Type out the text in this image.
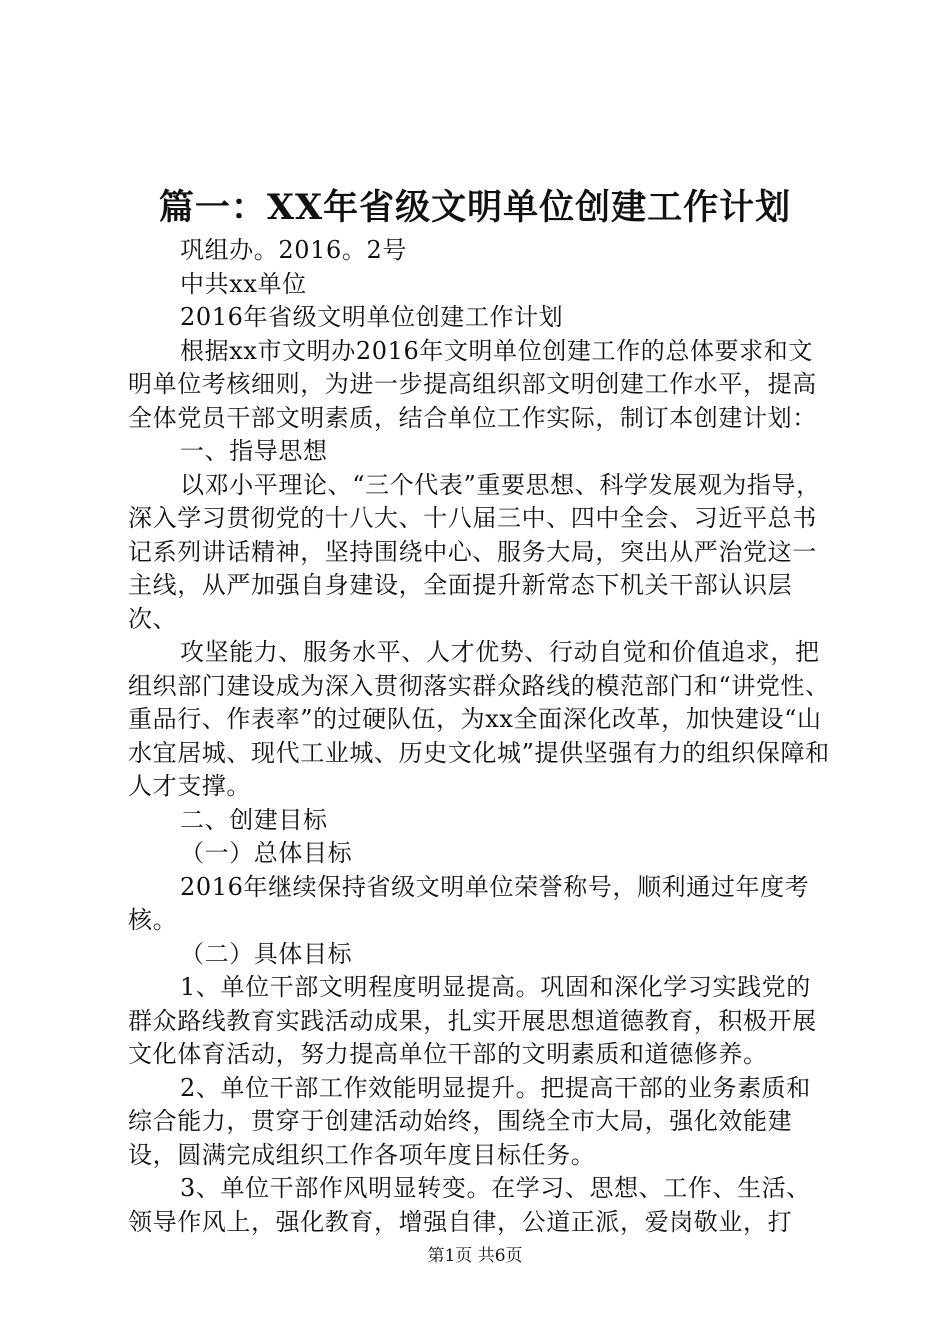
篇一：XX年省级文明单位创建工作计划
巩组办。2016。2号
中共xx单位
2016年省级文明单位创建工作计划
根据xx市文明办2016年文明单位创建工作的总体要求和文明单位考核细则，为进一步提高组织部文明创建工作水平，提高全体党员干部文明素质，结合单位工作实际，制订本创建计划：
一、指导思想
以邓小平理论、“三个代表”重要思想、科学发展观为指导，深入学习贯彻党的十八大、十八届三中、四中全会、习近平总书记系列讲话精神，坚持围绕中心、服务大局，突出从严治党这一主线，从严加强自身建设，全面提升新常态下机关干部认识层次、
攻坚能力、服务水平、人才优势、行动自觉和价值追求，把组织部门建设成为深入贯彻落实群众路线的模范部门和“讲党性、重品行、作表率”的过硬队伍，为xx全面深化改革，加快建设“山水宜居城、现代工业城、历史文化城”提供坚强有力的组织保障和人才支撑。
二、创建目标
（一）总体目标
2016年继续保持省级文明单位荣誉称号，顺利通过年度考核。
（二）具体目标
1、单位干部文明程度明显提高。巩固和深化学习实践党的群众路线教育实践活动成果，扎实开展思想道德教育，积极开展文化体育活动，努力提高单位干部的文明素质和道德修养。
2、单位干部工作效能明显提升。把提高干部的业务素质和综合能力，贯穿于创建活动始终，围绕全市大局，强化效能建设，圆满完成组织工作各项年度目标任务。
3、单位干部作风明显转变。在学习、思想、工作、生活、领导作风上，强化教育，增强自律，公道正派，爱岗敬业，打
第1页 共6页
